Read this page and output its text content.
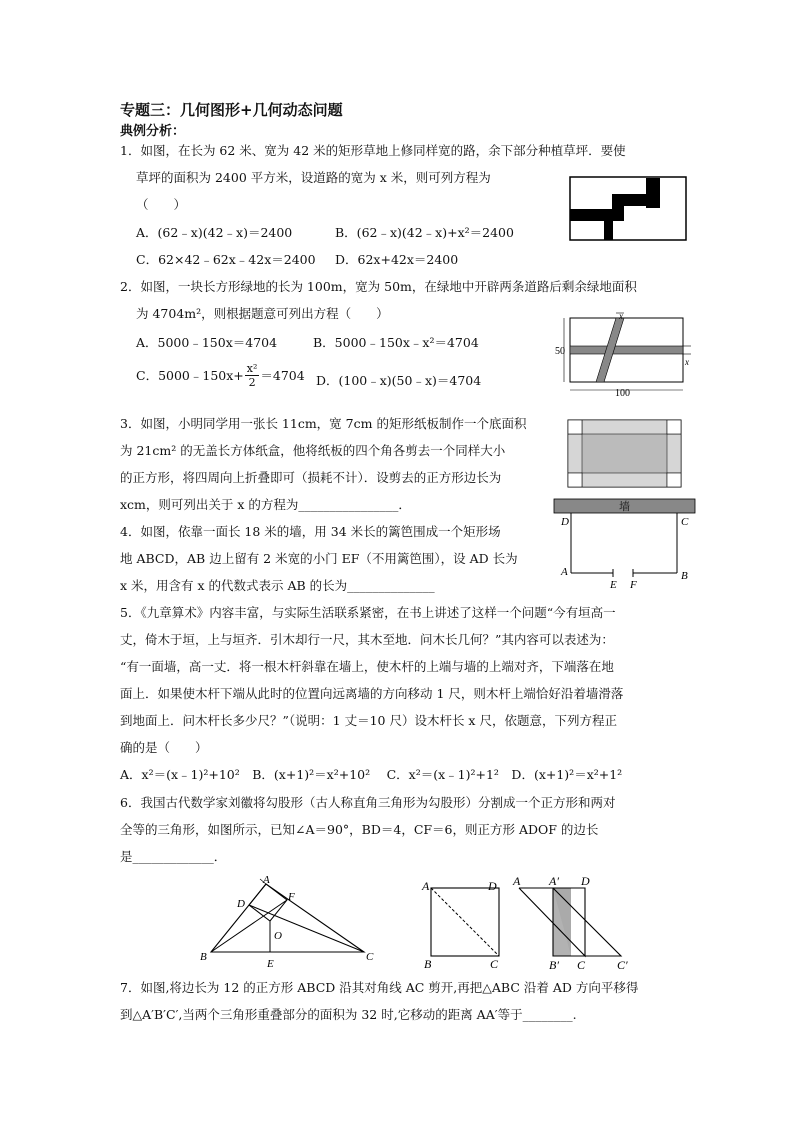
专题三：几何图形+几何动态问题
典例分析：
1．如图，在长为 62 米、宽为 42 米的矩形草地上修同样宽的路，余下部分种植草坪．要使
草坪的面积为 2400 平方米，设道路的宽为 x 米，则可列方程为
（　　）
A．(62﹣x)(42﹣x)＝2400	B．(62﹣x)(42﹣x)+x²＝2400
C．62×42﹣62x﹣42x＝2400 D．62x+42x＝2400
2．如图，一块长方形绿地的长为 100m，宽为 50m，在绿地中开辟两条道路后剩余绿地面积
为 4704m²，则根据题意可列出方程（　　）
A．5000﹣150x＝4704	B．5000﹣150x﹣x²＝4704
C．5000﹣150x+ $\frac{\text{x²}}{2} =4704$ D．(100﹣x)(50﹣x)＝4704
x
x
50
100
3．如图，小明同学用一张长 11cm，宽 7cm 的矩形纸板制作一个底面积
为 21cm² 的无盖长方体纸盒，他将纸板的四个角各剪去一个同样大小
的正方形，将四周向上折叠即可（损耗不计）．设剪去的正方形边长为
xcm，则可列出关于 x 的方程为________________．
4．如图，依靠一面长 18 米的墙，用 34 米长的篱笆围成一个矩形场
地 ABCD，AB 边上留有 2 米宽的小门 EF（不用篱笆围），设 AD 长为
x 米，用含有 x 的代数式表示 AB 的长为______________
墙
D	C
A	B
E F
5．《九章算术》内容丰富，与实际生活联系紧密，在书上讲述了这样一个问题“今有垣高一
丈，倚木于垣，上与垣齐．引木却行一尺，其木至地．问木长几何？”其内容可以表述为：
“有一面墙，高一丈．将一根木杆斜靠在墙上，使木杆的上端与墙的上端对齐，下端落在地
面上．如果使木杆下端从此时的位置向远离墙的方向移动 1 尺，则木杆上端恰好沿着墙滑落
到地面上．问木杆长多少尺？”（说明：1 丈＝10 尺）设木杆长 x 尺，依题意，下列方程正
确的是（　　）
A．x²＝(x﹣1)²+10²　B．(x+1)²＝x²+10²　 C．x²＝(x﹣1)²+1²　D．(x+1)²＝x²+1²
6．我国古代数学家刘徽将勾股形（古人称直角三角形为勾股形）分割成一个正方形和两对
全等的三角形，如图所示，已知∠A＝90°，BD＝4，CF＝6，则正方形 ADOF 的边长
是_____________．
A
D
F
O
B	C
E
A	D
B	C
A A′ D
B′ C	C′
7．如图,将边长为 12 的正方形 ABCD 沿其对角线 AC 剪开,再把△ABC 沿着 AD 方向平移得
到△A′B′C′,当两个三角形重叠部分的面积为 32 时,它移动的距离 AA′等于________.
